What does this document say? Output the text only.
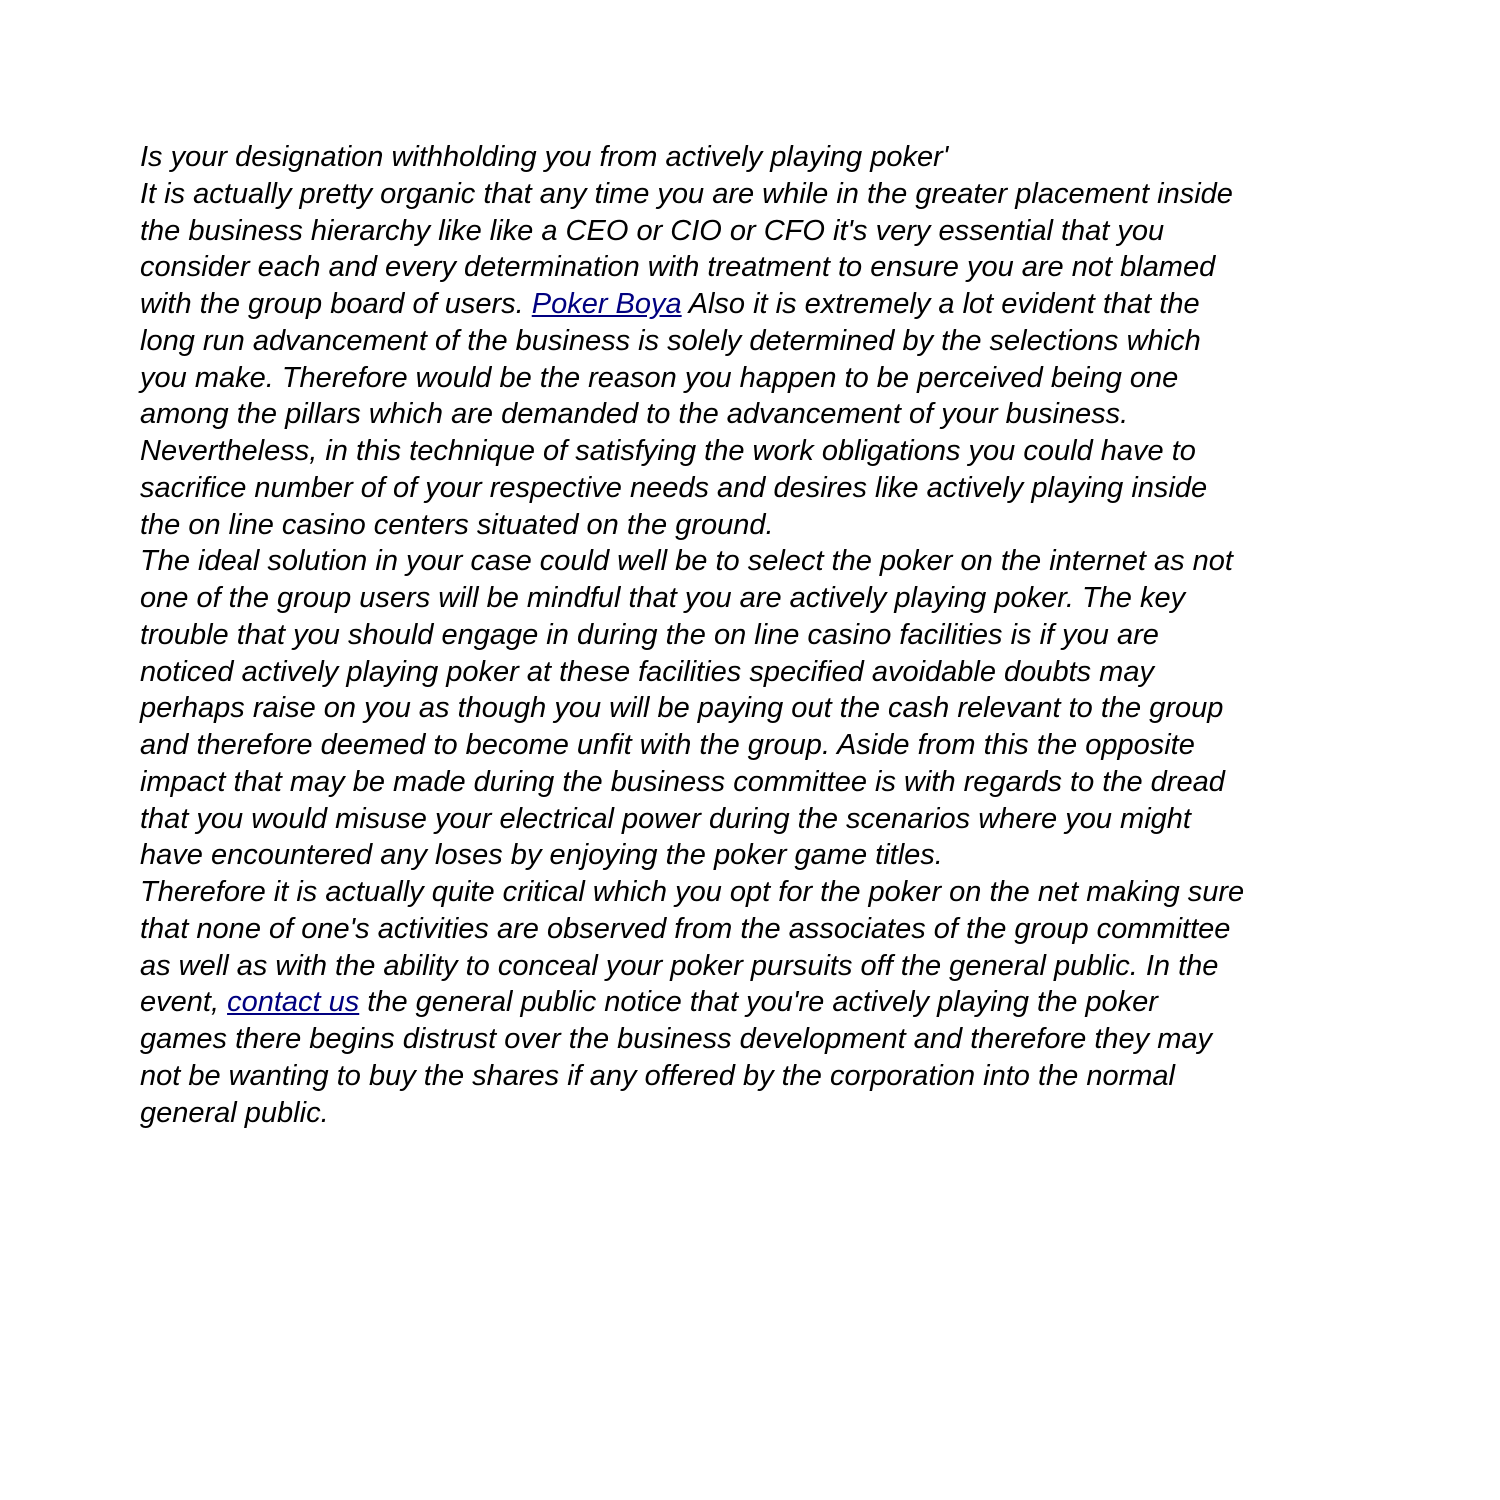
Is your designation withholding you from actively playing poker'
It is actually pretty organic that any time you are while in the greater placement inside
the business hierarchy like like a CEO or CIO or CFO it's very essential that you
consider each and every determination with treatment to ensure you are not blamed
with the group board of users. Poker Boya Also it is extremely a lot evident that the
long run advancement of the business is solely determined by the selections which
you make. Therefore would be the reason you happen to be perceived being one
among the pillars which are demanded to the advancement of your business.
Nevertheless, in this technique of satisfying the work obligations you could have to
sacrifice number of of your respective needs and desires like actively playing inside
the on line casino centers situated on the ground.
The ideal solution in your case could well be to select the poker on the internet as not
one of the group users will be mindful that you are actively playing poker. The key
trouble that you should engage in during the on line casino facilities is if you are
noticed actively playing poker at these facilities specified avoidable doubts may
perhaps raise on you as though you will be paying out the cash relevant to the group
and therefore deemed to become unfit with the group. Aside from this the opposite
impact that may be made during the business committee is with regards to the dread
that you would misuse your electrical power during the scenarios where you might
have encountered any loses by enjoying the poker game titles.
Therefore it is actually quite critical which you opt for the poker on the net making sure
that none of one's activities are observed from the associates of the group committee
as well as with the ability to conceal your poker pursuits off the general public. In the
event, contact us the general public notice that you're actively playing the poker
games there begins distrust over the business development and therefore they may
not be wanting to buy the shares if any offered by the corporation into the normal
general public.
